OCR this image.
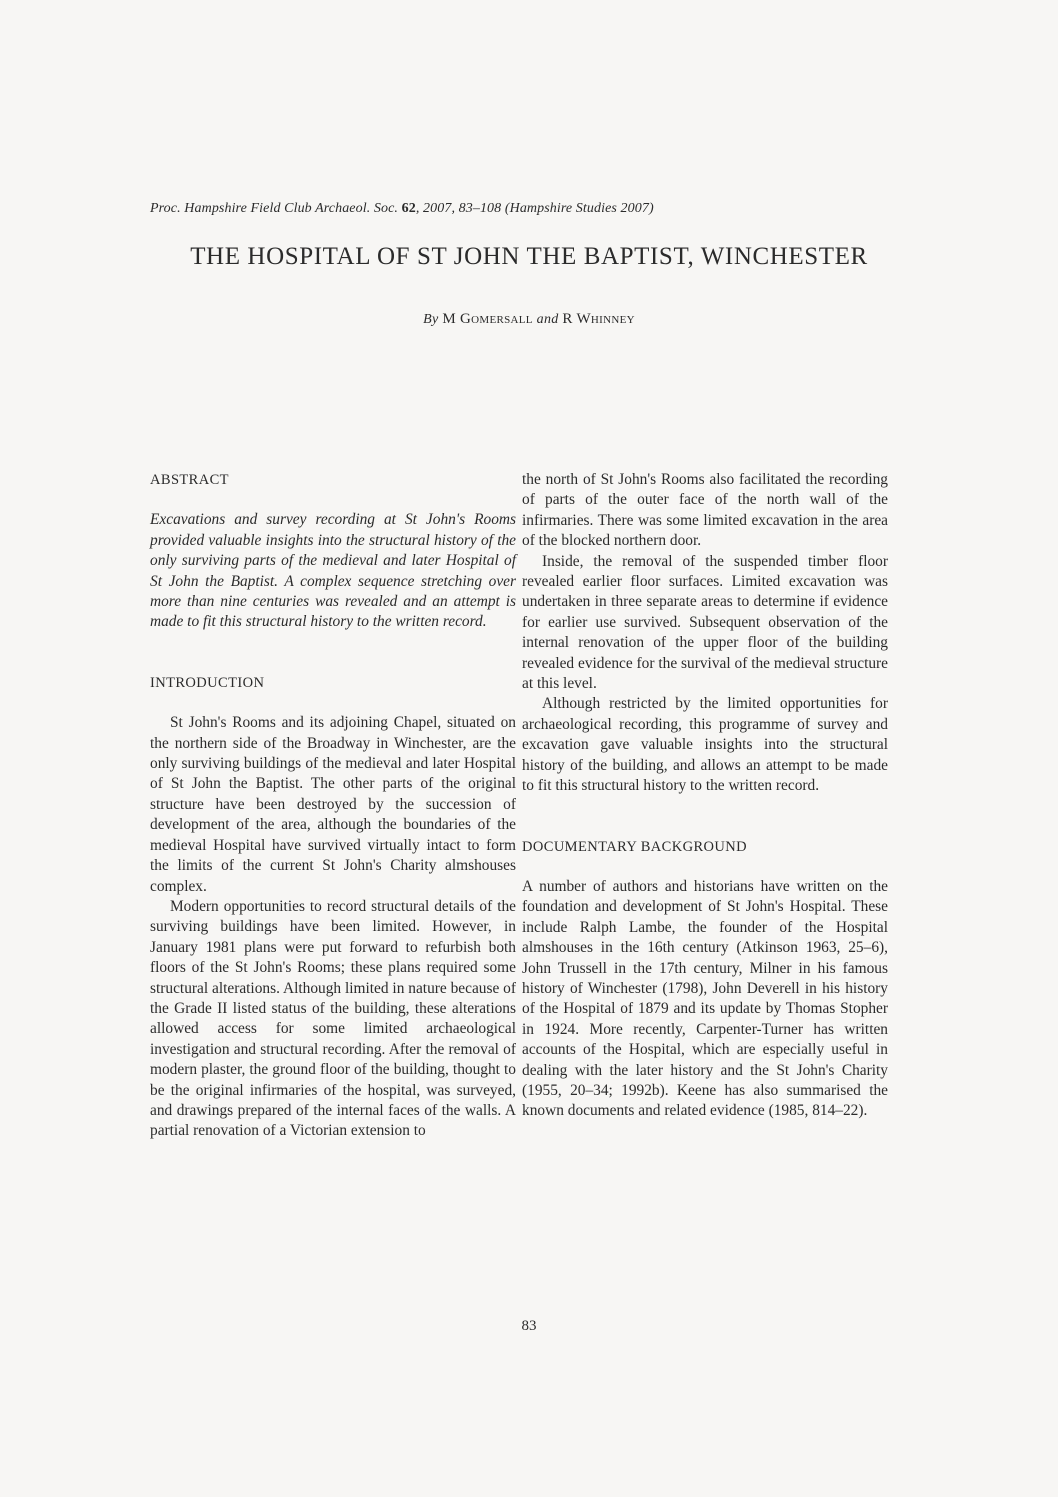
Proc. Hampshire Field Club Archaeol. Soc. 62, 2007, 83–108 (Hampshire Studies 2007)
THE HOSPITAL OF ST JOHN THE BAPTIST, WINCHESTER
By M Gomersall and R Whinney
ABSTRACT

Excavations and survey recording at St John's Rooms provided valuable insights into the structural history of the only surviving parts of the medieval and later Hospital of St John the Baptist. A complex sequence stretching over more than nine centuries was revealed and an attempt is made to fit this structural history to the written record.

INTRODUCTION

St John's Rooms and its adjoining Chapel, situated on the northern side of the Broadway in Winchester, are the only surviving buildings of the medieval and later Hospital of St John the Baptist. The other parts of the original structure have been destroyed by the succession of development of the area, although the boundaries of the medieval Hospital have survived virtually intact to form the limits of the current St John's Charity almshouses complex.

Modern opportunities to record structural details of the surviving buildings have been limited. However, in January 1981 plans were put forward to refurbish both floors of the St John's Rooms; these plans required some structural alterations. Although limited in nature because of the Grade II listed status of the building, these alterations allowed access for some limited archaeological investigation and structural recording. After the removal of modern plaster, the ground floor of the building, thought to be the original infirmaries of the hospital, was surveyed, and drawings prepared of the internal faces of the walls. A partial renovation of a Victorian extension to

the north of St John's Rooms also facilitated the recording of parts of the outer face of the north wall of the infirmaries. There was some limited excavation in the area of the blocked northern door.

Inside, the removal of the suspended timber floor revealed earlier floor surfaces. Limited excavation was undertaken in three separate areas to determine if evidence for earlier use survived. Subsequent observation of the internal renovation of the upper floor of the building revealed evidence for the survival of the medieval structure at this level.

Although restricted by the limited opportunities for archaeological recording, this programme of survey and excavation gave valuable insights into the structural history of the building, and allows an attempt to be made to fit this structural history to the written record.

DOCUMENTARY BACKGROUND

A number of authors and historians have written on the foundation and development of St John's Hospital. These include Ralph Lambe, the founder of the Hospital almshouses in the 16th century (Atkinson 1963, 25–6), John Trussell in the 17th century, Milner in his famous history of Winchester (1798), John Deverell in his history of the Hospital of 1879 and its update by Thomas Stopher in 1924. More recently, Carpenter-Turner has written accounts of the Hospital, which are especially useful in dealing with the later history and the St John's Charity (1955, 20–34; 1992b). Keene has also summarised the known documents and related evidence (1985, 814–22).

83
